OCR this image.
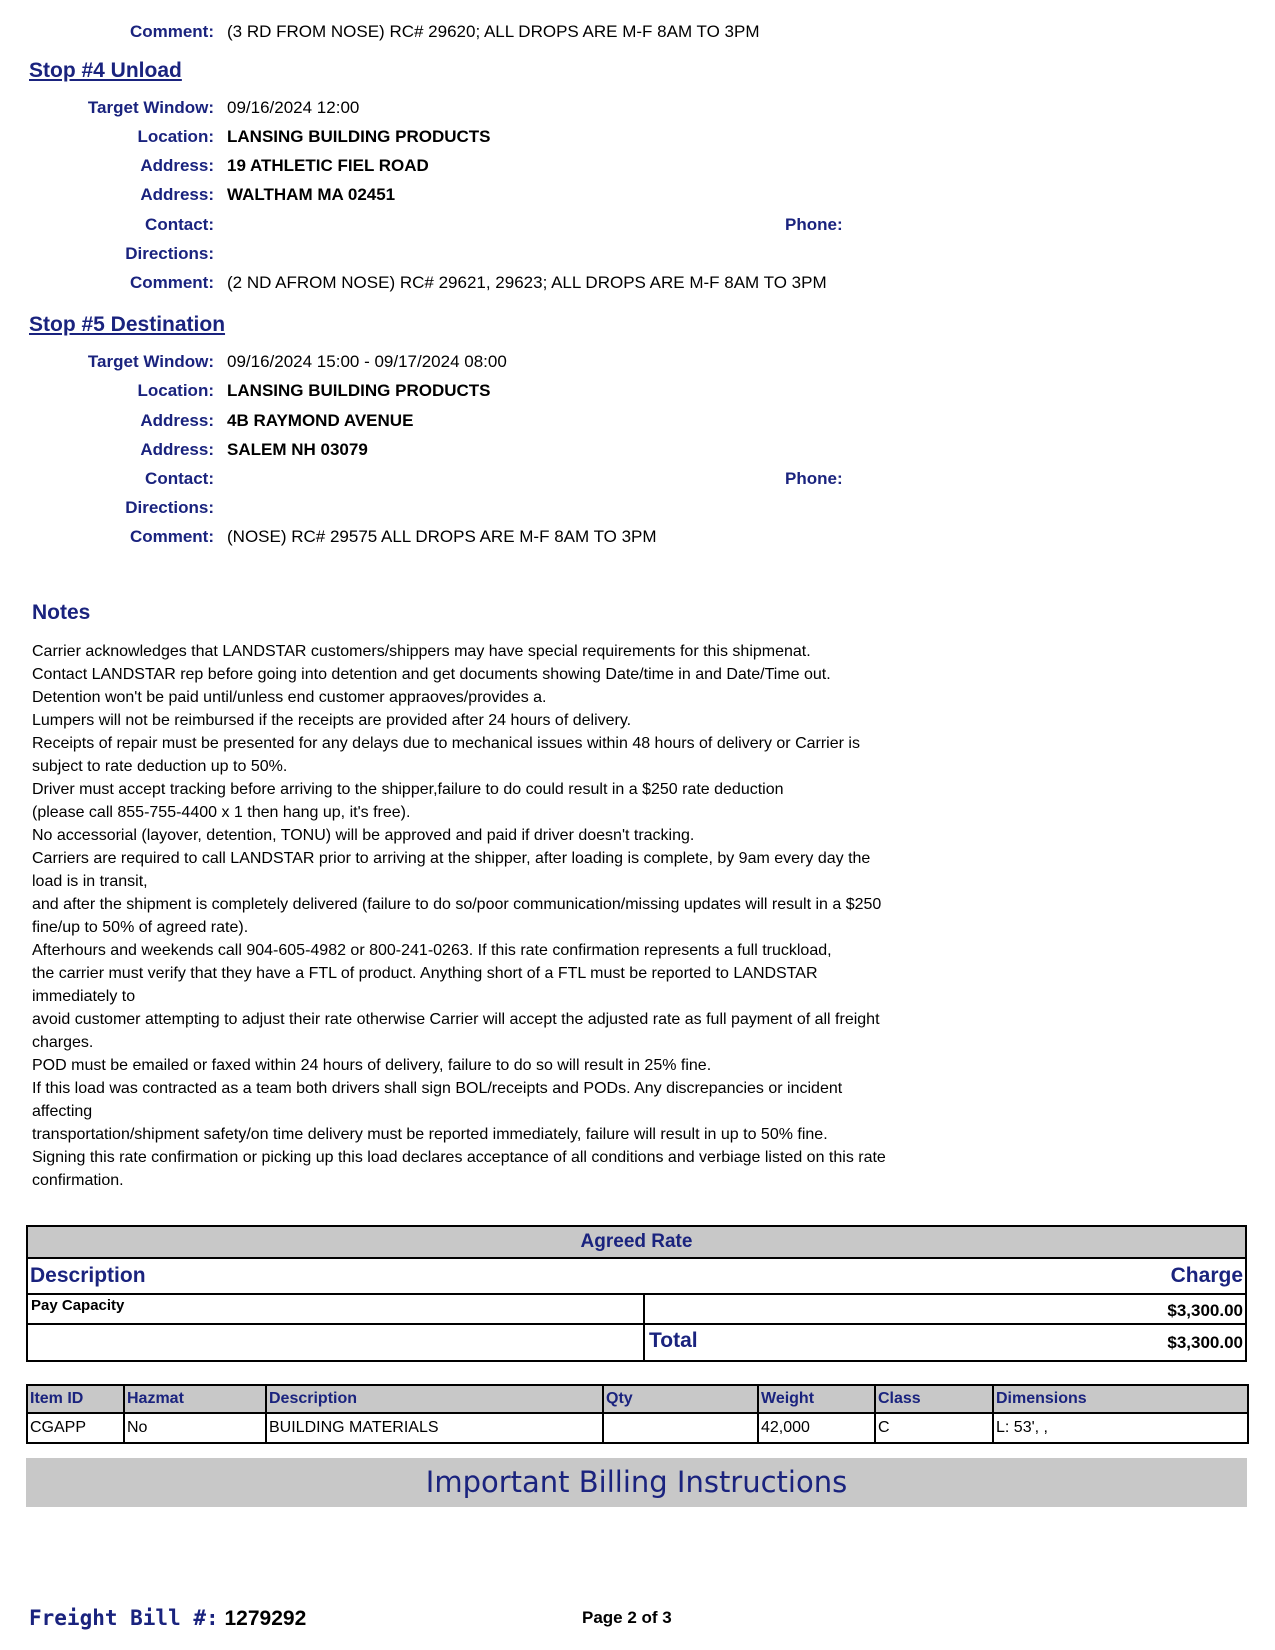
Comment: (3 RD FROM NOSE) RC# 29620; ALL DROPS ARE M-F 8AM TO 3PM
Stop #4 Unload
Target Window: 09/16/2024 12:00
Location: LANSING BUILDING PRODUCTS
Address: 19 ATHLETIC FIEL ROAD
Address: WALTHAM MA 02451
Contact:	Phone:
Directions:
Comment: (2 ND AFROM NOSE) RC# 29621, 29623; ALL DROPS ARE M-F 8AM TO 3PM
Stop #5 Destination
Target Window: 09/16/2024 15:00 - 09/17/2024 08:00
Location: LANSING BUILDING PRODUCTS
Address: 4B RAYMOND AVENUE
Address: SALEM NH 03079
Contact:	Phone:
Directions:
Comment: (NOSE) RC# 29575 ALL DROPS ARE M-F 8AM TO 3PM
Notes
Carrier acknowledges that LANDSTAR customers/shippers may have special requirements for this shipmenat.
Contact LANDSTAR rep before going into detention and get documents showing Date/time in and Date/Time out.
Detention won't be paid until/unless end customer appraoves/provides a.
Lumpers will not be reimbursed if the receipts are provided after 24 hours of delivery.
Receipts of repair must be presented for any delays due to mechanical issues within 48 hours of delivery or Carrier is
subject to rate deduction up to 50%.
Driver must accept tracking before arriving to the shipper,failure to do could result in a $250 rate deduction
(please call 855-755-4400 x 1 then hang up, it's free).
No accessorial (layover, detention, TONU) will be approved and paid if driver doesn't tracking.
Carriers are required to call LANDSTAR prior to arriving at the shipper, after loading is complete, by 9am every day the
load is in transit,
and after the shipment is completely delivered (failure to do so/poor communication/missing updates will result in a $250
fine/up to 50% of agreed rate).
Afterhours and weekends call 904-605-4982 or 800-241-0263. If this rate confirmation represents a full truckload,
the carrier must verify that they have a FTL of product. Anything short of a FTL must be reported to LANDSTAR
immediately to
avoid customer attempting to adjust their rate otherwise Carrier will accept the adjusted rate as full payment of all freight
charges.
POD must be emailed or faxed within 24 hours of delivery, failure to do so will result in 25% fine.
If this load was contracted as a team both drivers shall sign BOL/receipts and PODs. Any discrepancies or incident
affecting
transportation/shipment safety/on time delivery must be reported immediately, failure will result in up to 50% fine.
Signing this rate confirmation or picking up this load declares acceptance of all conditions and verbiage listed on this rate
confirmation.
Agreed Rate
Description	Charge
Pay Capacity	$3,300.00
Total	$3,300.00
Item ID	Hazmat	Description	Qty	Weight	Class	Dimensions
CGAPP	No	BUILDING MATERIALS		42,000	C	L: 53', ,
Important Billing Instructions
Freight Bill #: 1279292	Page 2 of 3
